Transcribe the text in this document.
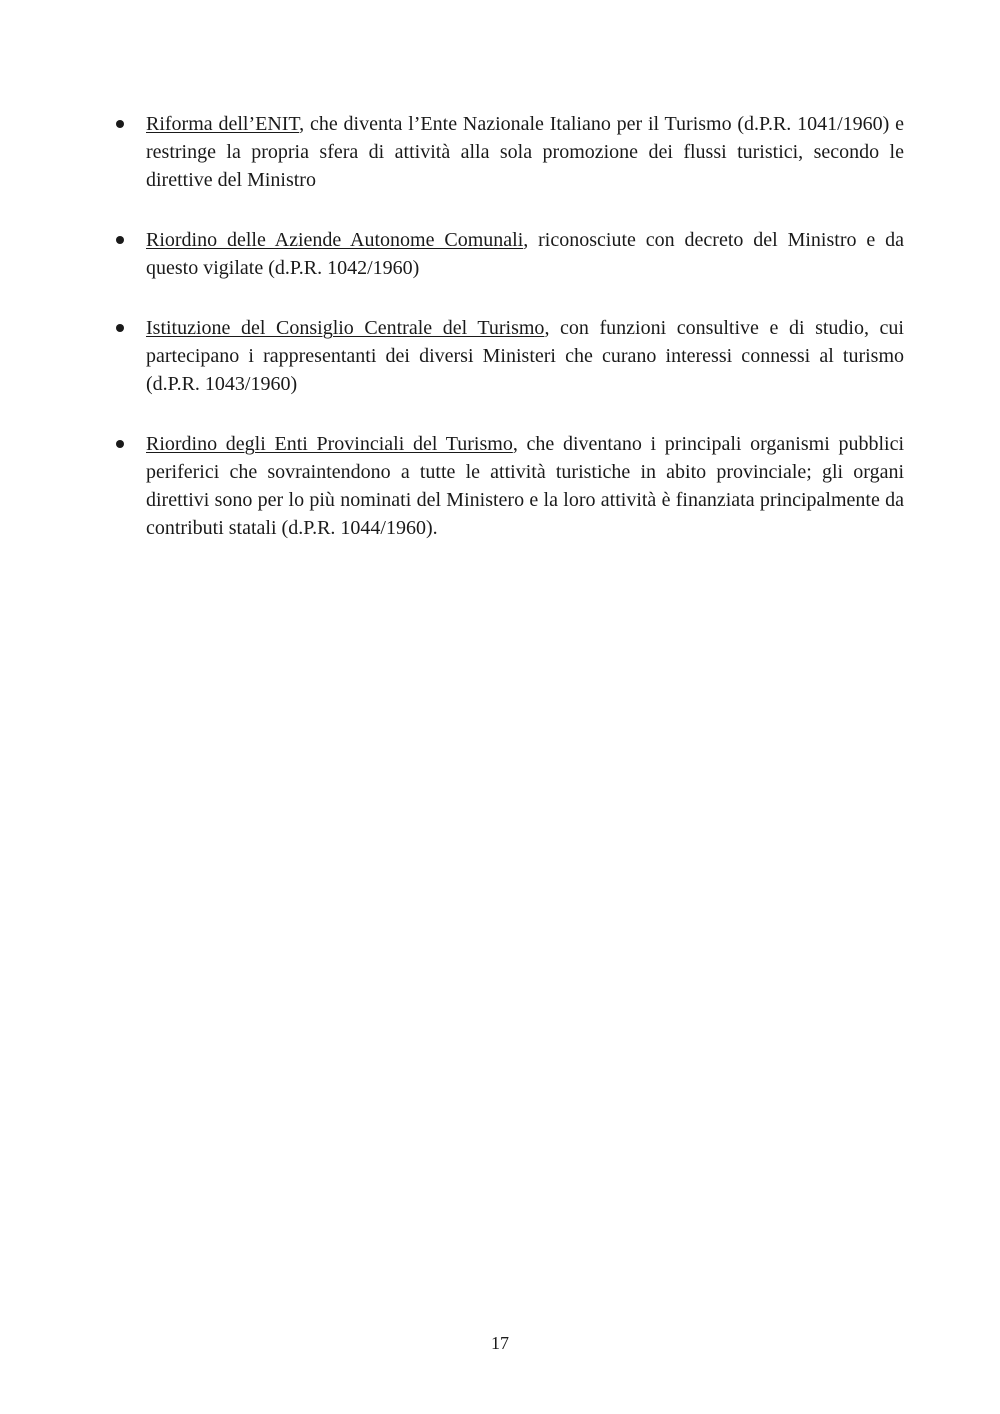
Riforma dell’ENIT, che diventa l’Ente Nazionale Italiano per il Turismo (d.P.R. 1041/1960) e restringe la propria sfera di attività alla sola promozione dei flussi turistici, secondo le direttive del Ministro
Riordino delle Aziende Autonome Comunali, riconosciute con decreto del Ministro e da questo vigilate (d.P.R. 1042/1960)
Istituzione del Consiglio Centrale del Turismo, con funzioni consultive e di studio, cui partecipano i rappresentanti dei diversi Ministeri che curano interessi connessi al turismo (d.P.R. 1043/1960)
Riordino degli Enti Provinciali del Turismo, che diventano i principali organismi pubblici periferici che sovraintendono a tutte le attività turistiche in abito provinciale; gli organi direttivi sono per lo più nominati del Ministero e la loro attività è finanziata principalmente da contributi statali (d.P.R. 1044/1960).
17
